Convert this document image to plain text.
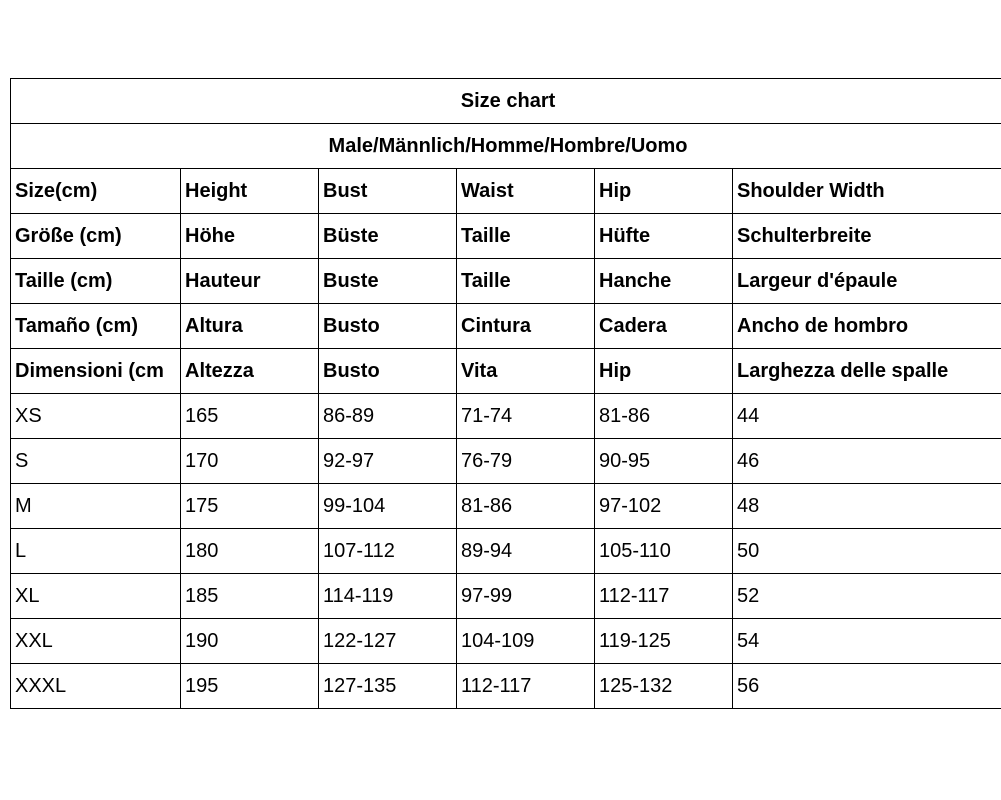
Size chart					
Male/Männlich/Homme/Hombre/Uomo					
Size(cm)	Height	Bust	Waist	Hip	Shoulder Width
Größe (cm)	Höhe	Büste	Taille	Hüfte	Schulterbreite
Taille (cm)	Hauteur	Buste	Taille	Hanche	Largeur d'épaule
Tamaño (cm)	Altura	Busto	Cintura	Cadera	Ancho de hombro
Dimensioni (cm	Altezza	Busto	Vita	Hip	Larghezza delle spalle
XS	165	86-89	71-74	81-86	44
S	170	92-97	76-79	90-95	46
M	175	99-104	81-86	97-102	48
L	180	107-112	89-94	105-110	50
XL	185	114-119	97-99	112-117	52
XXL	190	122-127	104-109	119-125	54
XXXL	195	127-135	112-117	125-132	56
